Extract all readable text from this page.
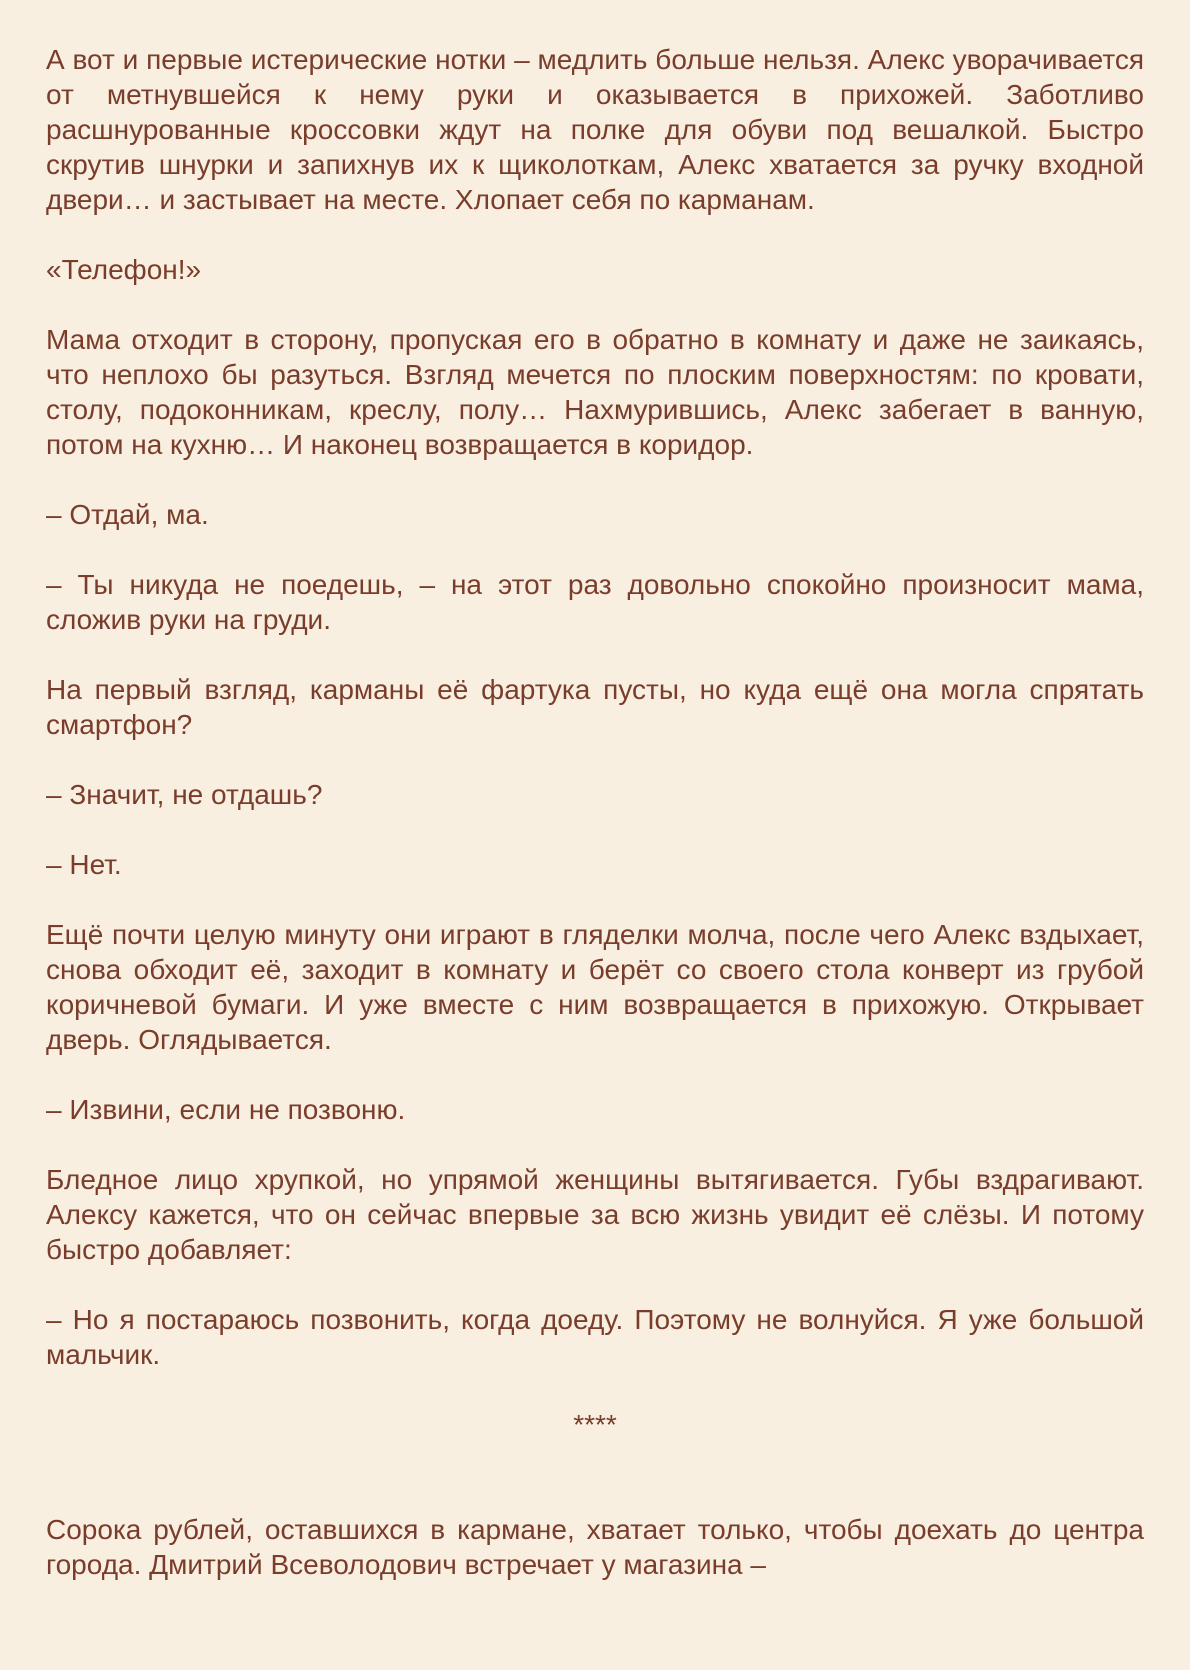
А вот и первые истерические нотки – медлить больше нельзя. Алекс уворачивается от метнувшейся к нему руки и оказывается в прихожей. Заботливо расшнурованные кроссовки ждут на полке для обуви под вешалкой. Быстро скрутив шнурки и запихнув их к щиколоткам, Алекс хватается за ручку входной двери… и застывает на месте. Хлопает себя по карманам.

«Телефон!»

Мама отходит в сторону, пропуская его в обратно в комнату и даже не заикаясь, что неплохо бы разуться. Взгляд мечется по плоским поверхностям: по кровати, столу, подоконникам, креслу, полу… Нахмурившись, Алекс забегает в ванную, потом на кухню… И наконец возвращается в коридор.

– Отдай, ма.

– Ты никуда не поедешь, – на этот раз довольно спокойно произносит мама, сложив руки на груди.

На первый взгляд, карманы её фартука пусты, но куда ещё она могла спрятать смартфон?

– Значит, не отдашь?

– Нет.

Ещё почти целую минуту они играют в гляделки молча, после чего Алекс вздыхает, снова обходит её, заходит в комнату и берёт со своего стола конверт из грубой коричневой бумаги. И уже вместе с ним возвращается в прихожую. Открывает дверь. Оглядывается.

– Извини, если не позвоню.

Бледное лицо хрупкой, но упрямой женщины вытягивается. Губы вздрагивают. Алексу кажется, что он сейчас впервые за всю жизнь увидит её слёзы. И потому быстро добавляет:

– Но я постараюсь позвонить, когда доеду. Поэтому не волнуйся. Я уже большой мальчик.

****

Сорока рублей, оставшихся в кармане, хватает только, чтобы доехать до центра города. Дмитрий Всеволодович встречает у магазина –
